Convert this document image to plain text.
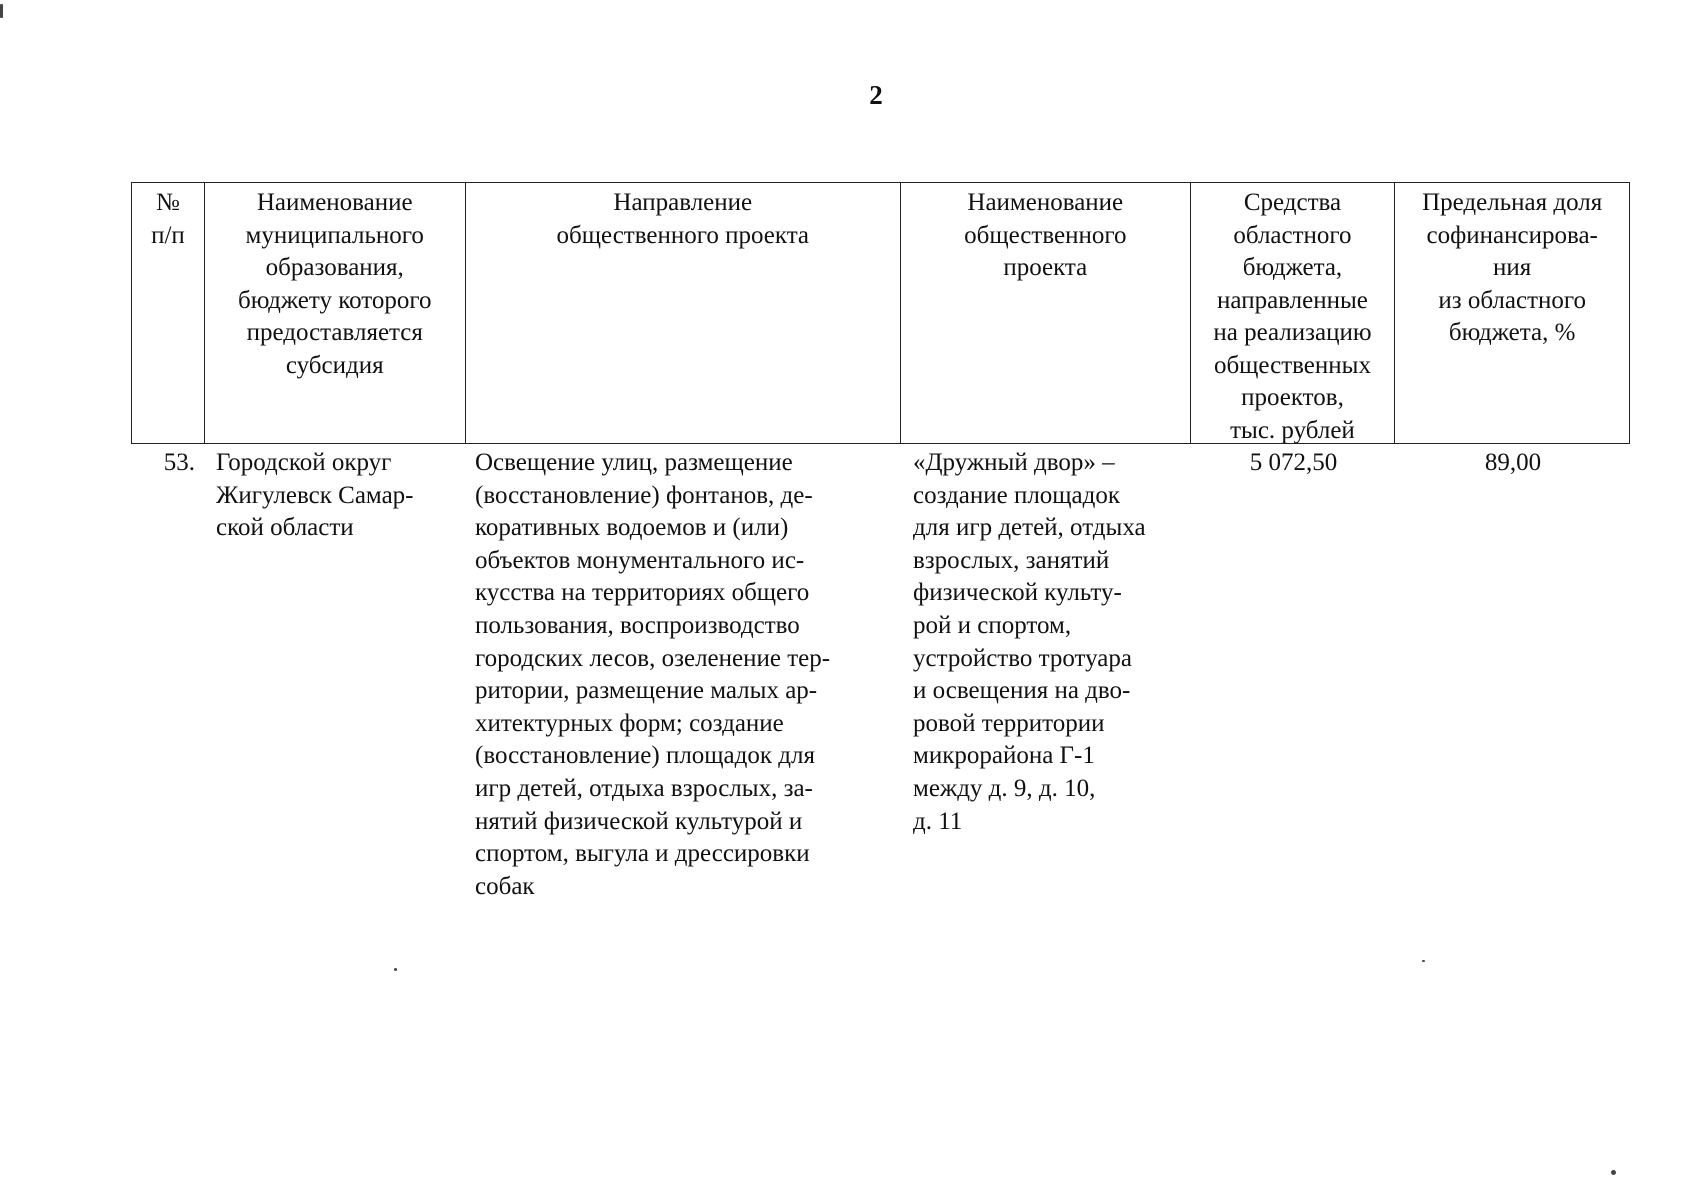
2
№
п/п
Наименование
муниципального
образования,
бюджету которого
предоставляется
субсидия
Направление
общественного проекта
Наименование
общественного
проекта
Средства
областного
бюджета,
направленные
на реализацию
общественных
проектов,
тыс. рублей
Предельная доля
софинансирова-
ния
из областного
бюджета, %
53. Городской округ
Жигулевск Самар-
ской области
Освещение улиц, размещение
(восстановление) фонтанов, де-
коративных водоемов и (или)
объектов монументального ис-
кусства на территориях общего
пользования, воспроизводство
городских лесов, озеленение тер-
ритории, размещение малых ар-
хитектурных форм; создание
(восстановление) площадок для
игр детей, отдыха взрослых, за-
нятий физической культурой и
спортом, выгула и дрессировки
собак
«Дружный двор» –
создание площадок
для игр детей, отдыха
взрослых, занятий
физической культу-
рой и спортом,
устройство тротуара
и освещения на дво-
ровой территории
микрорайона Г-1
между д. 9, д. 10,
д. 11
5 072,50	89,00
